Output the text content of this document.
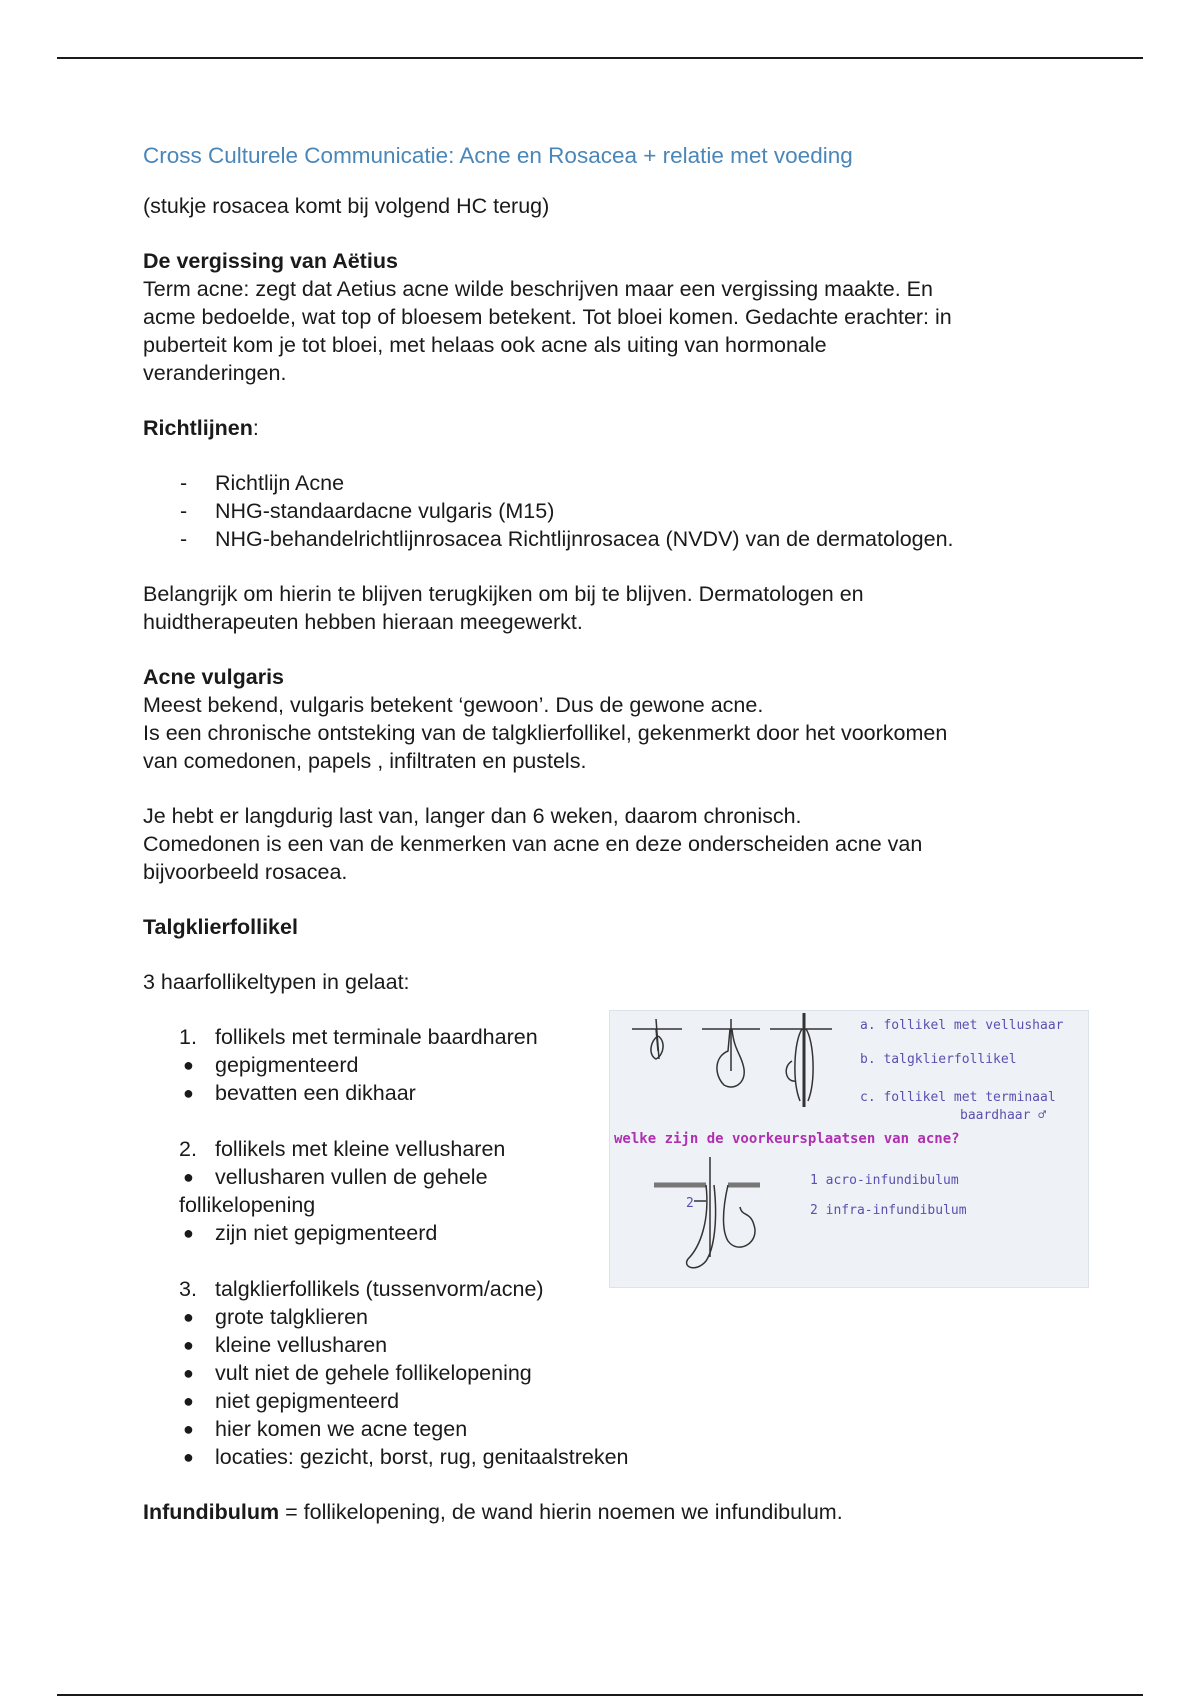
Cross Culturele Communicatie: Acne en Rosacea + relatie met voeding

(stukje rosacea komt bij volgend HC terug)

De vergissing van Aëtius

Term acne: zegt dat Aetius acne wilde beschrijven maar een vergissing maakte. En

acme bedoelde, wat top of bloesem betekent. Tot bloei komen. Gedachte erachter: in

puberteit kom je tot bloei, met helaas ook acne als uiting van hormonale

veranderingen.

Richtlijnen:

- Richtlijn Acne
- NHG-standaardacne vulgaris (M15)
- NHG-behandelrichtlijnrosacea Richtlijnrosacea (NVDV) van de dermatologen.

Belangrijk om hierin te blijven terugkijken om bij te blijven. Dermatologen en

huidtherapeuten hebben hieraan meegewerkt.

Acne vulgaris

Meest bekend, vulgaris betekent ‘gewoon’. Dus de gewone acne.

Is een chronische ontsteking van de talgklierfollikel, gekenmerkt door het voorkomen

van comedonen, papels , infiltraten en pustels.

Je hebt er langdurig last van, langer dan 6 weken, daarom chronisch.

Comedonen is een van de kenmerken van acne en deze onderscheiden acne van

bijvoorbeeld rosacea.

Talgklierfollikel

3 haarfollikeltypen in gelaat:

1. follikels met terminale baardharen
● gepigmenteerd
● bevatten een dikhaar
2. follikels met kleine vellusharen
● vellusharen vullen de gehele
follikelopening
● zijn niet gepigmenteerd
3. talgklierfollikels (tussenvorm/acne)
● grote talgklieren
● kleine vellusharen
● vult niet de gehele follikelopening
● niet gepigmenteerd
● hier komen we acne tegen
● locaties: gezicht, borst, rug, genitaalstreken
a. follikel met vellushaar
b. talgklierfollikel
c. follikel met terminaal
baardhaar ♂
1 acro-infundibulum
2 infra-infundibulum
2
welke zijn de voorkeursplaatsen van acne?

Infundibulum = follikelopening, de wand hierin noemen we infundibulum.
